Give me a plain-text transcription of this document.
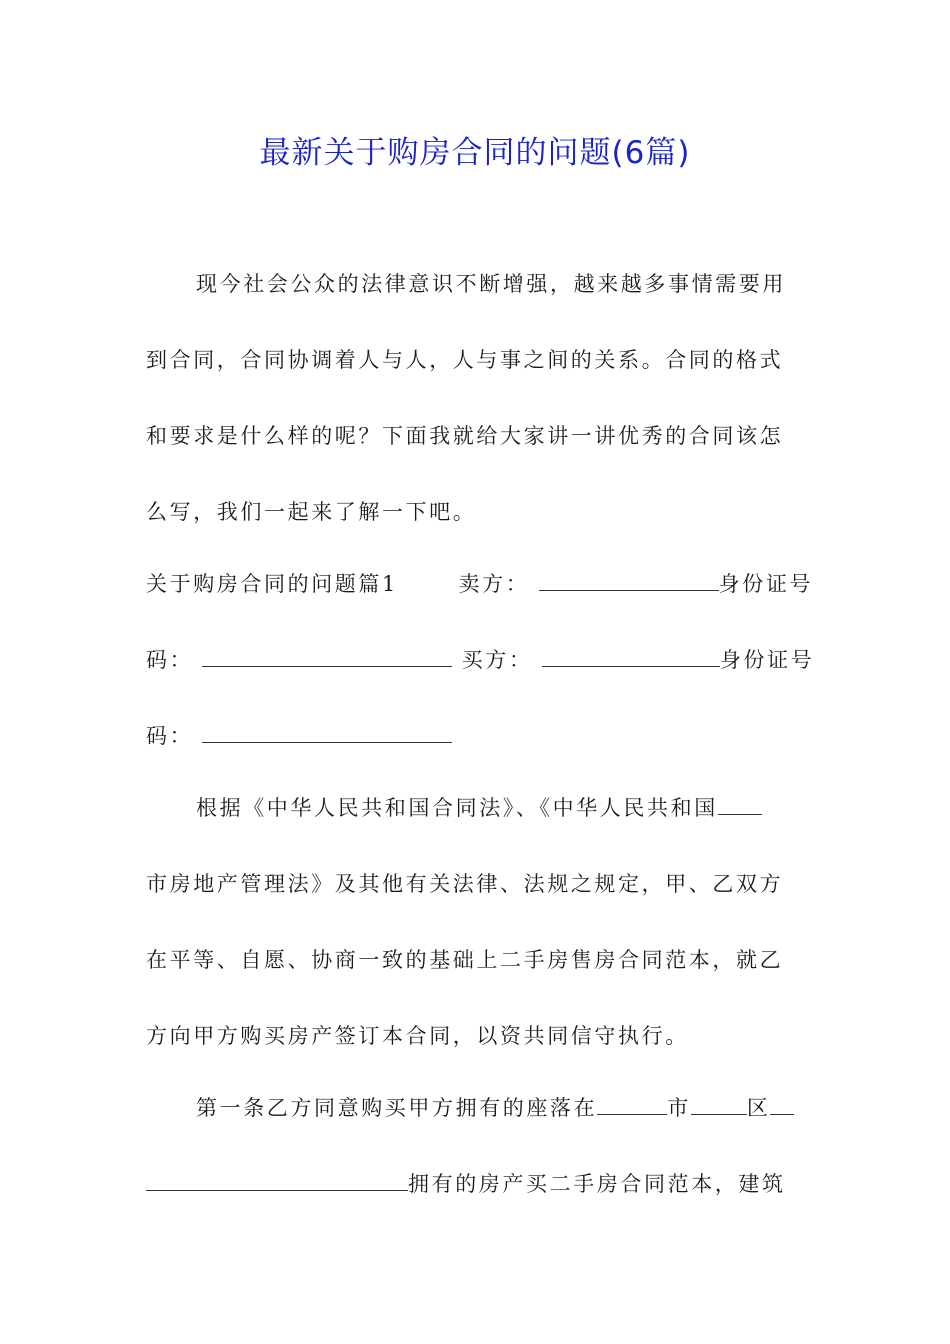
最新关于购房合同的问题(6篇)
现今社会公众的法律意识不断增强，越来越多事情需要用
到合同，合同协调着人与人，人与事之间的关系。合同的格式
和要求是什么样的呢？下面我就给大家讲一讲优秀的合同该怎
么写，我们一起来了解一下吧。
关于购房合同的问题篇1	卖方：	身份证号
码：	买方：	身份证号
码：
根据《中华人民共和国合同法》、《中华人民共和国
市房地产管理法》及其他有关法律、法规之规定，甲、乙双方
在平等、自愿、协商一致的基础上二手房售房合同范本，就乙
方向甲方购买房产签订本合同，以资共同信守执行。
第一条乙方同意购买甲方拥有的座落在	市	区
拥有的房产买二手房合同范本，建筑
